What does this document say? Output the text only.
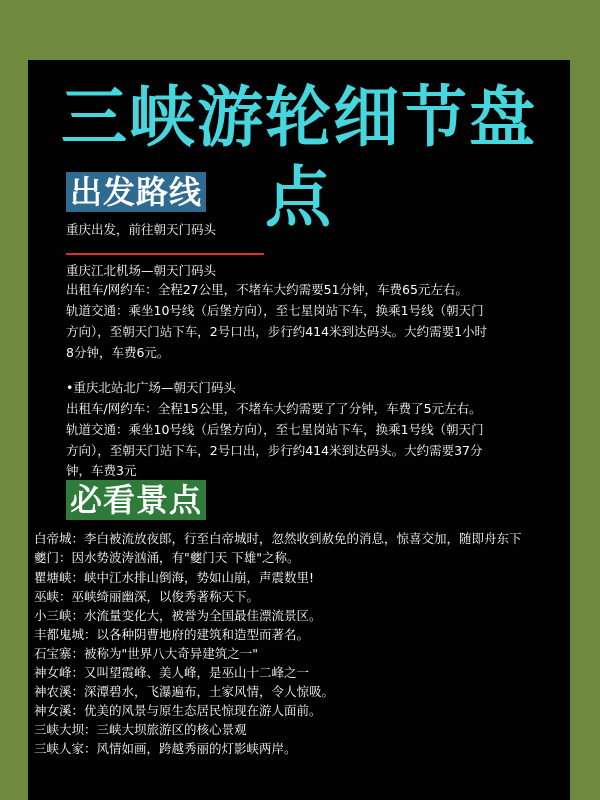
三峡游轮细节盘点
出发路线
重庆出发，前往朝天门码头
重庆江北机场—朝天门码头
出租车/网约车：全程27公里，不堵车大约需要51分钟，车费65元左右。
轨道交通：乘坐10号线（后堡方向），至七星岗站下车，换乘1号线（朝天门
方向），至朝天门站下车，2号口出，步行约414米到达码头。大约需要1小时
8分钟，车费6元。
•重庆北站北广场—朝天门码头
出租车/网约车：全程15公里，不堵车大约需要了了分钟，车费了5元左右。
轨道交通：乘坐10号线（后堡方向），至七星岗站下车，换乘1号线（朝天门
方向），至朝天门站下车，2号口出，步行约414米到达码头。大约需要37分
钟，车费3元
必看景点
白帝城：李白被流放夜郎，行至白帝城时，忽然收到赦免的消息，惊喜交加，随即舟东下
夔门：因水势波涛汹涌，有"夔门天 下雄"之称。
瞿塘峡：峡中江水排山倒海，势如山崩，声震数里!
巫峡：巫峡绮丽幽深，以俊秀著称天下。
小三峡：水流量变化大，被誉为全国最佳漂流景区。
丰都鬼城：以各种阴曹地府的建筑和造型而著名。
石宝寨：被称为"世界八大奇异建筑之一"
神女峰：又叫望霞峰、美人峰，是巫山十二峰之一
神农溪：深潭碧水，飞瀑遍布，土家风情，令人惊吸。
神女溪：优美的风景与原生态居民惊现在游人面前。
三峡大坝：三峡大坝旅游区的核心景观
三峡人家：风情如画，跨越秀丽的灯影峡两岸。
